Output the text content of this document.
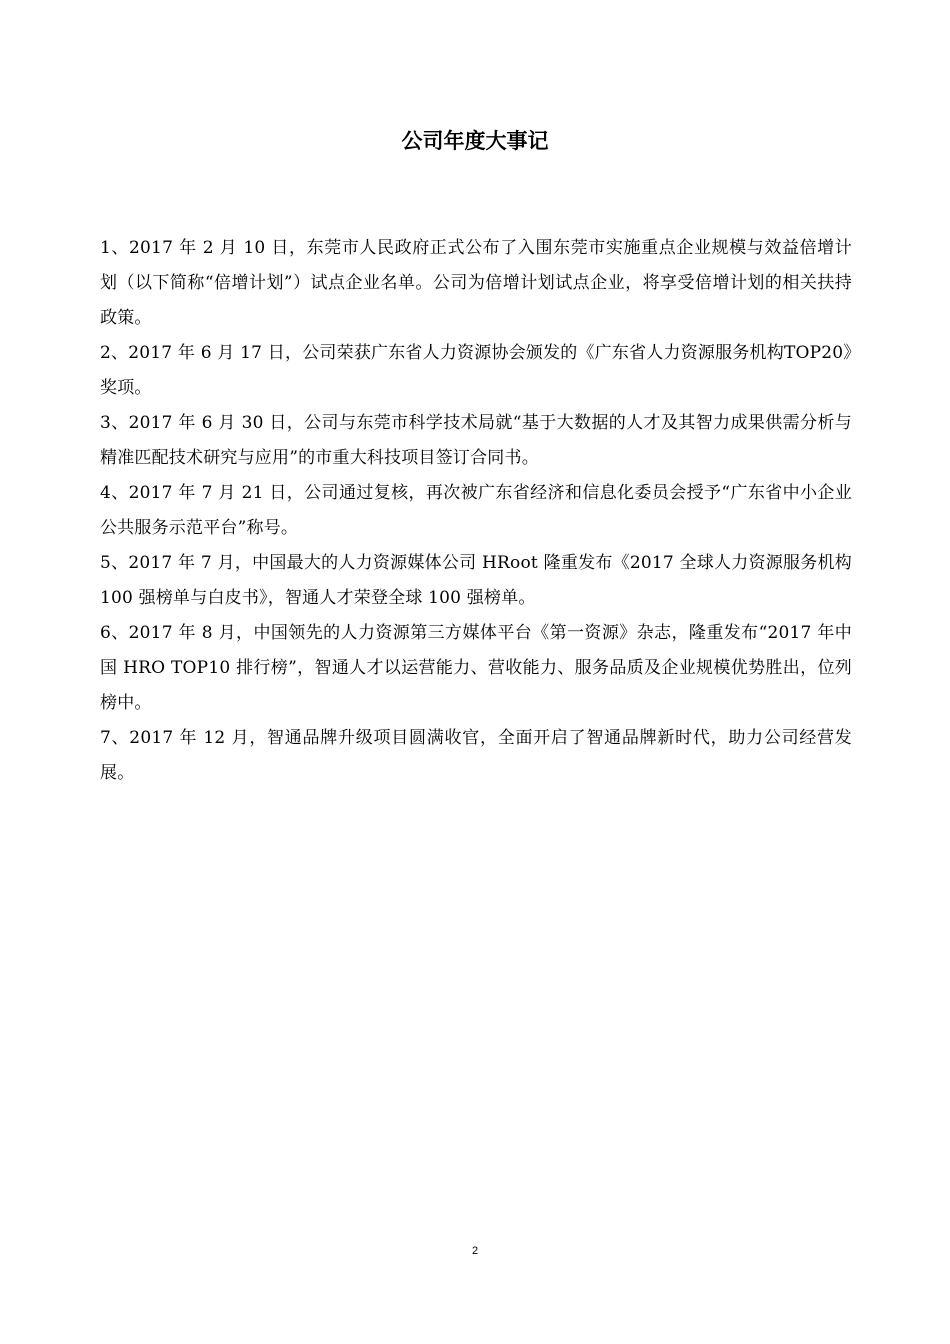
公司年度大事记

1、2017 年 2 月 10 日，东莞市人民政府正式公布了入围东莞市实施重点企业规模与效益倍增计划（以下简称“倍增计划”）试点企业名单。公司为倍增计划试点企业，将享受倍增计划的相关扶持政策。

2、2017 年 6 月 17 日，公司荣获广东省人力资源协会颁发的《广东省人力资源服务机构TOP20》奖项。

3、2017 年 6 月 30 日，公司与东莞市科学技术局就“基于大数据的人才及其智力成果供需分析与精准匹配技术研究与应用”的市重大科技项目签订合同书。

4、2017 年 7 月 21 日，公司通过复核，再次被广东省经济和信息化委员会授予“广东省中小企业公共服务示范平台”称号。

5、2017 年 7 月，中国最大的人力资源媒体公司 HRoot 隆重发布《2017 全球人力资源服务机构 100 强榜单与白皮书》，智通人才荣登全球 100 强榜单。

6、2017 年 8 月，中国领先的人力资源第三方媒体平台《第一资源》杂志，隆重发布“2017 年中国 HRO TOP10 排行榜”，智通人才以运营能力、营收能力、服务品质及企业规模优势胜出，位列榜中。

7、2017 年 12 月，智通品牌升级项目圆满收官，全面开启了智通品牌新时代，助力公司经营发展。

2
